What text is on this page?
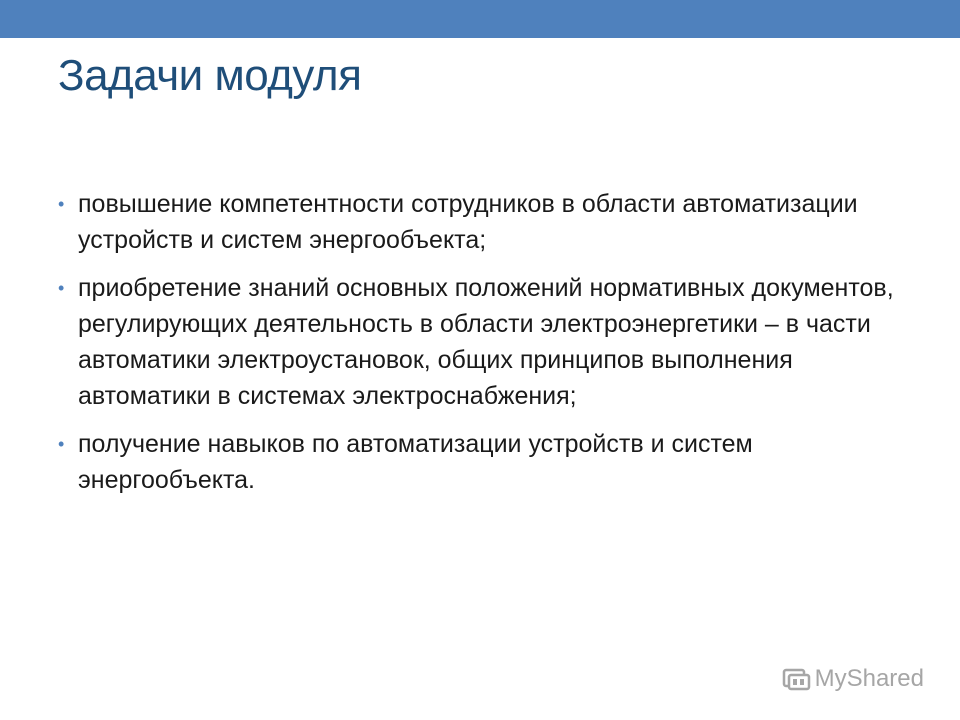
Задачи модуля
• повышение компетентности сотрудников в области автоматизации устройств и систем энергообъекта;
• приобретение знаний основных положений нормативных документов, регулирующих деятельность в области электроэнергетики – в части автоматики электроустановок, общих принципов выполнения автоматики в системах электроснабжения;
• получение навыков по автоматизации устройств и систем энергообъекта.
MyShared
